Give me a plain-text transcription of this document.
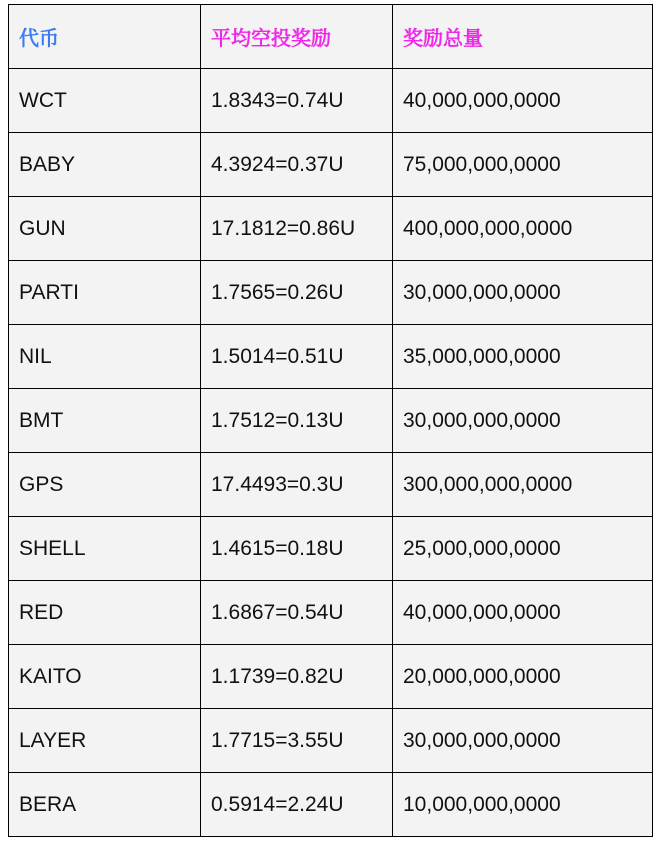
代币	平均空投奖励	奖励总量
WCT	1.8343=0.74U	40,000,000,0000
BABY	4.3924=0.37U	75,000,000,0000
GUN	17.1812=0.86U	400,000,000,0000
PARTI	1.7565=0.26U	30,000,000,0000
NIL	1.5014=0.51U	35,000,000,0000
BMT	1.7512=0.13U	30,000,000,0000
GPS	17.4493=0.3U	300,000,000,0000
SHELL	1.4615=0.18U	25,000,000,0000
RED	1.6867=0.54U	40,000,000,0000
KAITO	1.1739=0.82U	20,000,000,0000
LAYER	1.7715=3.55U	30,000,000,0000
BERA	0.5914=2.24U	10,000,000,0000
